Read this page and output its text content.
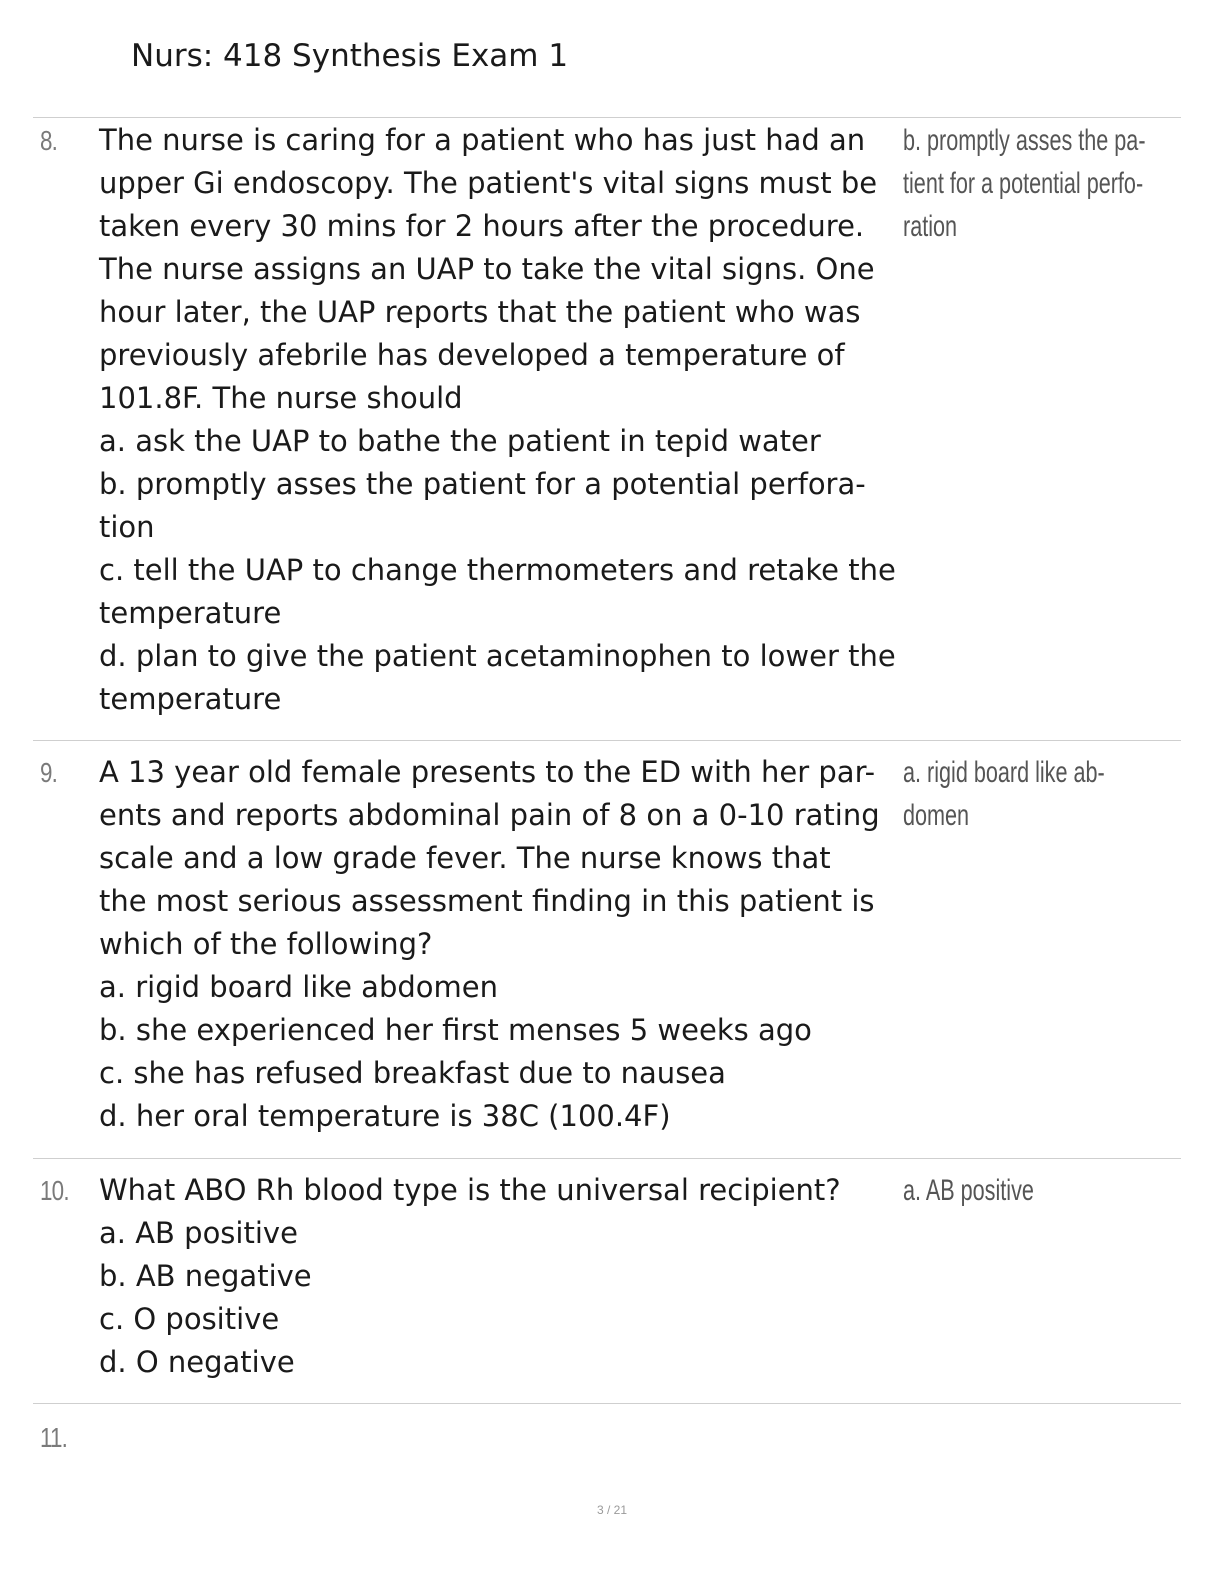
Nurs: 418 Synthesis Exam 1
8. The nurse is caring for a patient who has just had an
upper Gi endoscopy. The patient's vital signs must be
taken every 30 mins for 2 hours after the procedure.
The nurse assigns an UAP to take the vital signs. One
hour later, the UAP reports that the patient who was
previously afebrile has developed a temperature of
101.8F. The nurse should
a. ask the UAP to bathe the patient in tepid water
b. promptly asses the patient for a potential perfora-
tion
c. tell the UAP to change thermometers and retake the
temperature
d. plan to give the patient acetaminophen to lower the
temperature
b. promptly asses the pa-
tient for a potential perfo-
ration
9. A 13 year old female presents to the ED with her par-
ents and reports abdominal pain of 8 on a 0-10 rating
scale and a low grade fever. The nurse knows that
the most serious assessment finding in this patient is
which of the following?
a. rigid board like abdomen
b. she experienced her first menses 5 weeks ago
c. she has refused breakfast due to nausea
d. her oral temperature is 38C (100.4F)
a. rigid board like ab-
domen
10. What ABO Rh blood type is the universal recipient?
a. AB positive
b. AB negative
c. O positive
d. O negative
a. AB positive
11.
3 / 21
